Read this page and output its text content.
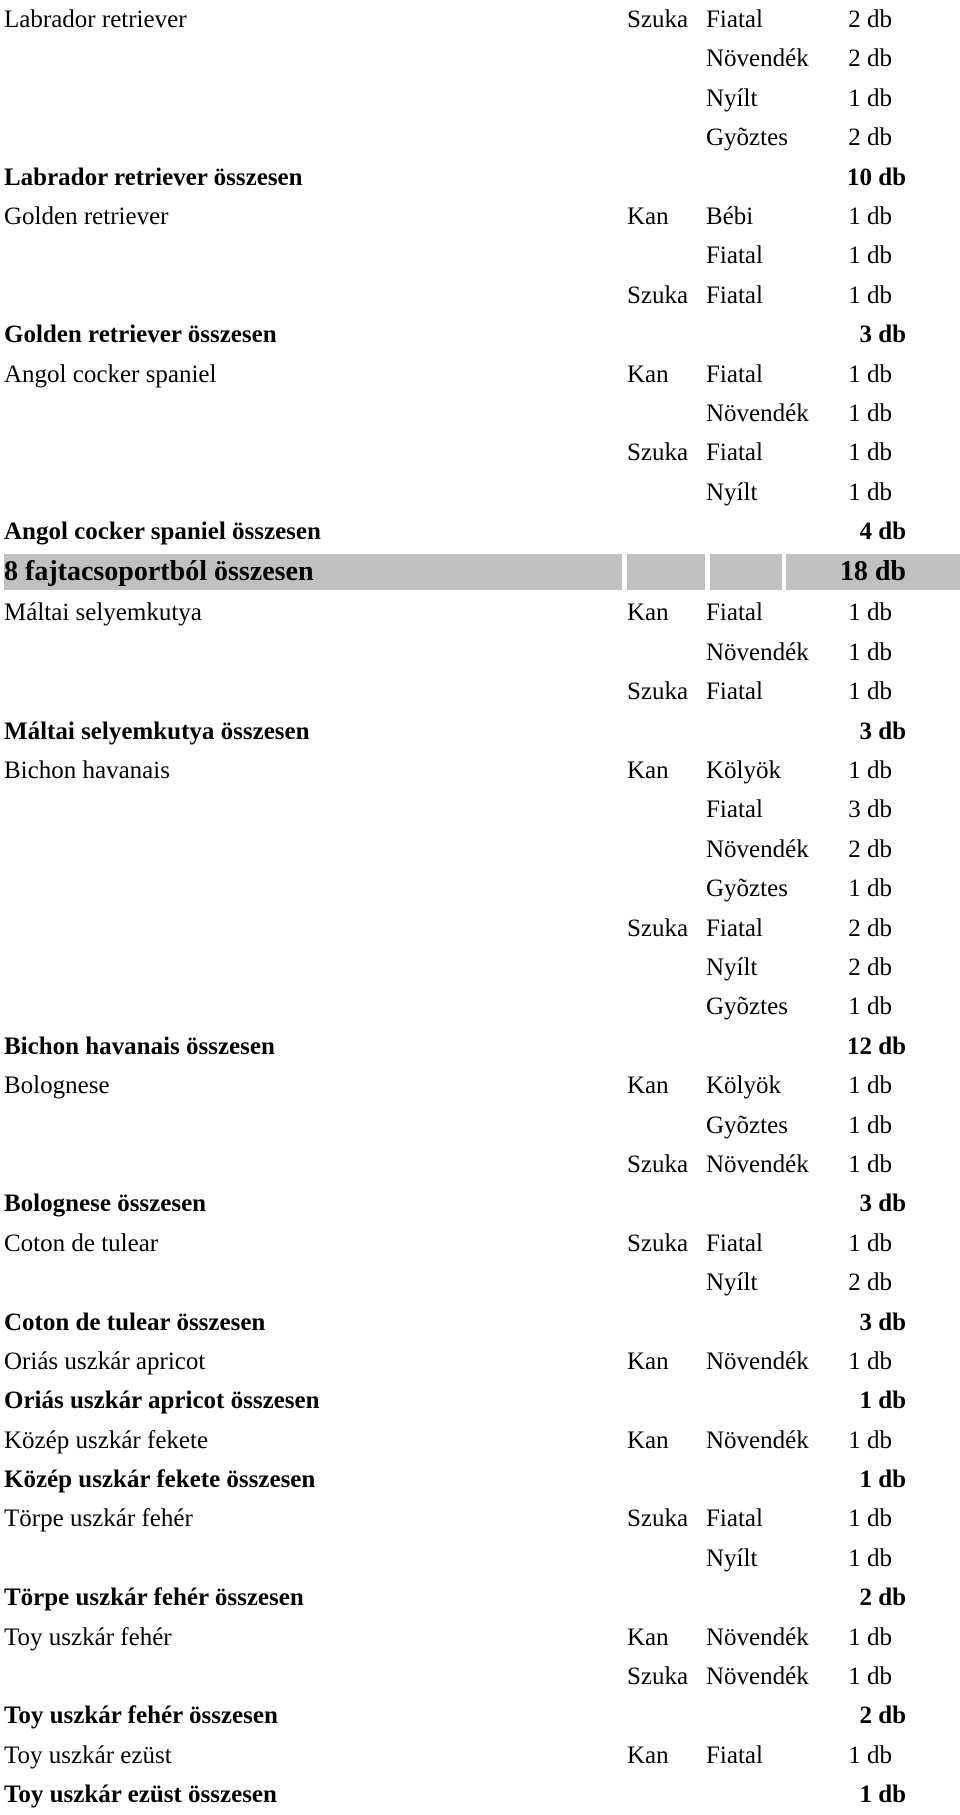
Labrador retriever	Szuka Fiatal	2 db
Növendék 2 db
Nyílt	1 db
Gyõztes 2 db
Labrador retriever összesen	10 db
Golden retriever	Kan Bébi	1 db
Fiatal	1 db
Szuka Fiatal	1 db
Golden retriever összesen	3 db
Angol cocker spaniel	Kan Fiatal	1 db
Növendék 1 db
Szuka Fiatal	1 db
Nyílt	1 db
Angol cocker spaniel összesen	4 db
8 fajtacsoportból összesen	18 db
Máltai selyemkutya	Kan Fiatal	1 db
Növendék 1 db
Szuka Fiatal	1 db
Máltai selyemkutya összesen	3 db
Bichon havanais	Kan Kölyök	1 db
Fiatal	3 db
Növendék 2 db
Gyõztes 1 db
Szuka Fiatal	2 db
Nyílt	2 db
Gyõztes 1 db
Bichon havanais összesen	12 db
Bolognese	Kan Kölyök	1 db
Gyõztes 1 db
Szuka Növendék 1 db
Bolognese összesen	3 db
Coton de tulear	Szuka Fiatal	1 db
Nyílt	2 db
Coton de tulear összesen	3 db
Oriás uszkár apricot	Kan Növendék 1 db
Oriás uszkár apricot összesen	1 db
Közép uszkár fekete	Kan Növendék 1 db
Közép uszkár fekete összesen	1 db
Törpe uszkár fehér	Szuka Fiatal	1 db
Nyílt	1 db
Törpe uszkár fehér összesen	2 db
Toy uszkár fehér	Kan Növendék 1 db
Szuka Növendék 1 db
Toy uszkár fehér összesen	2 db
Toy uszkár ezüst	Kan Fiatal	1 db
Toy uszkár ezüst összesen	1 db
